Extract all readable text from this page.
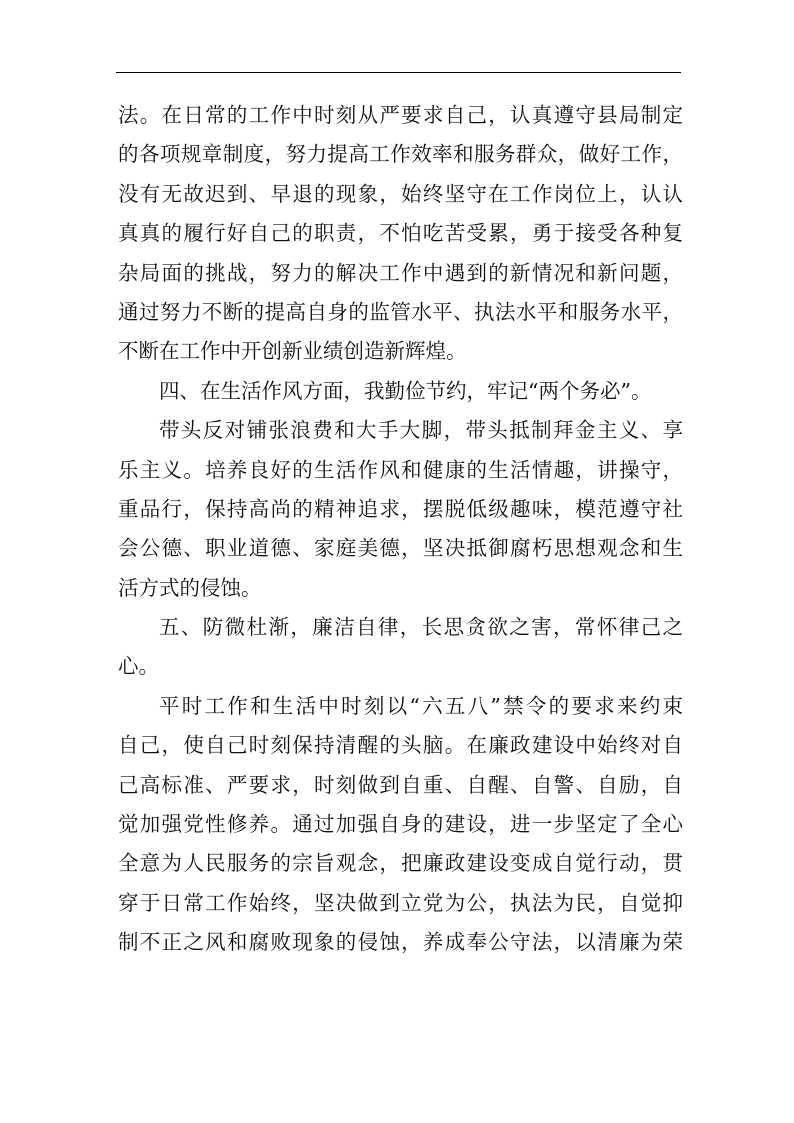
法。在日常的工作中时刻从严要求自己，认真遵守县局制定
的各项规章制度，努力提高工作效率和服务群众，做好工作，
没有无故迟到、早退的现象，始终坚守在工作岗位上，认认
真真的履行好自己的职责，不怕吃苦受累，勇于接受各种复
杂局面的挑战，努力的解决工作中遇到的新情况和新问题，
通过努力不断的提高自身的监管水平、执法水平和服务水平，
不断在工作中开创新业绩创造新辉煌。
四、在生活作风方面，我勤俭节约，牢记“两个务必”。
带头反对铺张浪费和大手大脚，带头抵制拜金主义、享
乐主义。培养良好的生活作风和健康的生活情趣，讲操守，
重品行，保持高尚的精神追求，摆脱低级趣味，模范遵守社
会公德、职业道德、家庭美德，坚决抵御腐朽思想观念和生
活方式的侵蚀。
五、防微杜渐，廉洁自律，长思贪欲之害，常怀律己之
心。
平时工作和生活中时刻以“六五八”禁令的要求来约束
自己，使自己时刻保持清醒的头脑。在廉政建设中始终对自
己高标准、严要求，时刻做到自重、自醒、自警、自励，自
觉加强党性修养。通过加强自身的建设，进一步坚定了全心
全意为人民服务的宗旨观念，把廉政建设变成自觉行动，贯
穿于日常工作始终，坚决做到立党为公，执法为民，自觉抑
制不正之风和腐败现象的侵蚀，养成奉公守法，以清廉为荣
